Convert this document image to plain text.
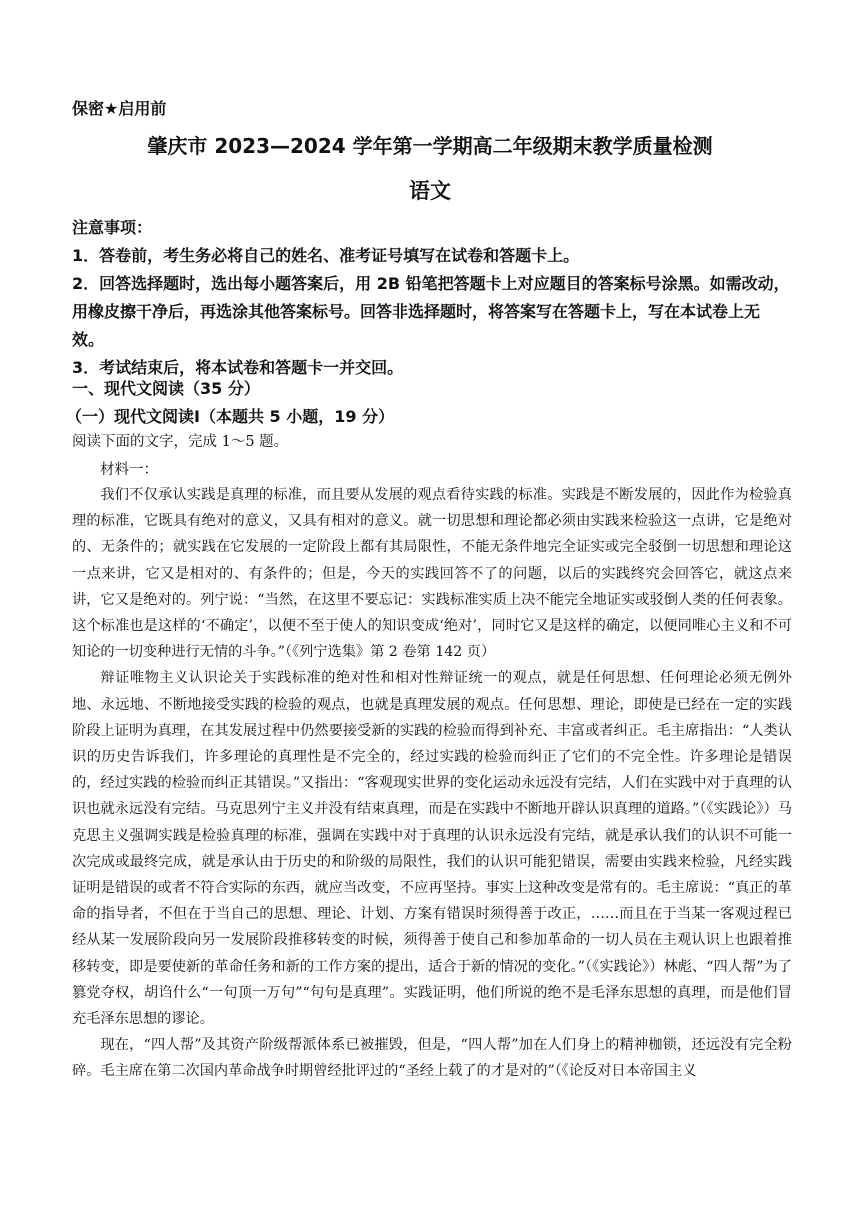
保密★启用前
肇庆市 2023—2024 学年第一学期高二年级期末教学质量检测
语文

注意事项：

1．答卷前，考生务必将自己的姓名、准考证号填写在试卷和答题卡上。

2．回答选择题时，选出每小题答案后，用 2B 铅笔把答题卡上对应题目的答案标号涂黑。如需改动，用橡皮擦干净后，再选涂其他答案标号。回答非选择题时，将答案写在答题卡上，写在本试卷上无效。

3．考试结束后，将本试卷和答题卡一并交回。

一、现代文阅读（35 分）

（一）现代文阅读Ⅰ（本题共 5 小题，19 分）

阅读下面的文字，完成 1～5 题。
材料一：

我们不仅承认实践是真理的标准，而且要从发展的观点看待实践的标准。实践是不断发展的，因此作为检验真理的标准，它既具有绝对的意义，又具有相对的意义。就一切思想和理论都必须由实践来检验这一点讲，它是绝对的、无条件的；就实践在它发展的一定阶段上都有其局限性，不能无条件地完全证实或完全驳倒一切思想和理论这一点来讲，它又是相对的、有条件的；但是，今天的实践回答不了的问题，以后的实践终究会回答它，就这点来讲，它又是绝对的。列宁说：“当然，在这里不要忘记：实践标准实质上决不能完全地证实或驳倒人类的任何表象。这个标准也是这样的‘不确定’，以便不至于使人的知识变成‘绝对’，同时它又是这样的确定，以便同唯心主义和不可知论的一切变种进行无情的斗争。”（《列宁选集》第 2 卷第 142 页）

辩证唯物主义认识论关于实践标准的绝对性和相对性辩证统一的观点，就是任何思想、任何理论必须无例外地、永远地、不断地接受实践的检验的观点，也就是真理发展的观点。任何思想、理论，即使是已经在一定的实践阶段上证明为真理，在其发展过程中仍然要接受新的实践的检验而得到补充、丰富或者纠正。毛主席指出：“人类认识的历史告诉我们，许多理论的真理性是不完全的，经过实践的检验而纠正了它们的不完全性。许多理论是错误的，经过实践的检验而纠正其错误。”又指出：“客观现实世界的变化运动永远没有完结，人们在实践中对于真理的认识也就永远没有完结。马克思列宁主义并没有结束真理，而是在实践中不断地开辟认识真理的道路。”（《实践论》）马克思主义强调实践是检验真理的标准，强调在实践中对于真理的认识永远没有完结，就是承认我们的认识不可能一次完成或最终完成，就是承认由于历史的和阶级的局限性，我们的认识可能犯错误，需要由实践来检验，凡经实践证明是错误的或者不符合实际的东西，就应当改变，不应再坚持。事实上这种改变是常有的。毛主席说：“真正的革命的指导者，不但在于当自己的思想、理论、计划、方案有错误时须得善于改正，……而且在于当某一客观过程已经从某一发展阶段向另一发展阶段推移转变的时候，须得善于使自己和参加革命的一切人员在主观认识上也跟着推移转变，即是要使新的革命任务和新的工作方案的提出，适合于新的情况的变化。”（《实践论》）林彪、“四人帮”为了篡党夺权，胡诌什么“一句顶一万句”“句句是真理”。实践证明，他们所说的绝不是毛泽东思想的真理，而是他们冒充毛泽东思想的谬论。

现在，“四人帮”及其资产阶级帮派体系已被摧毁，但是，“四人帮”加在人们身上的精神枷锁，还远没有完全粉碎。毛主席在第二次国内革命战争时期曾经批评过的“圣经上载了的才是对的”（《论反对日本帝国主义
